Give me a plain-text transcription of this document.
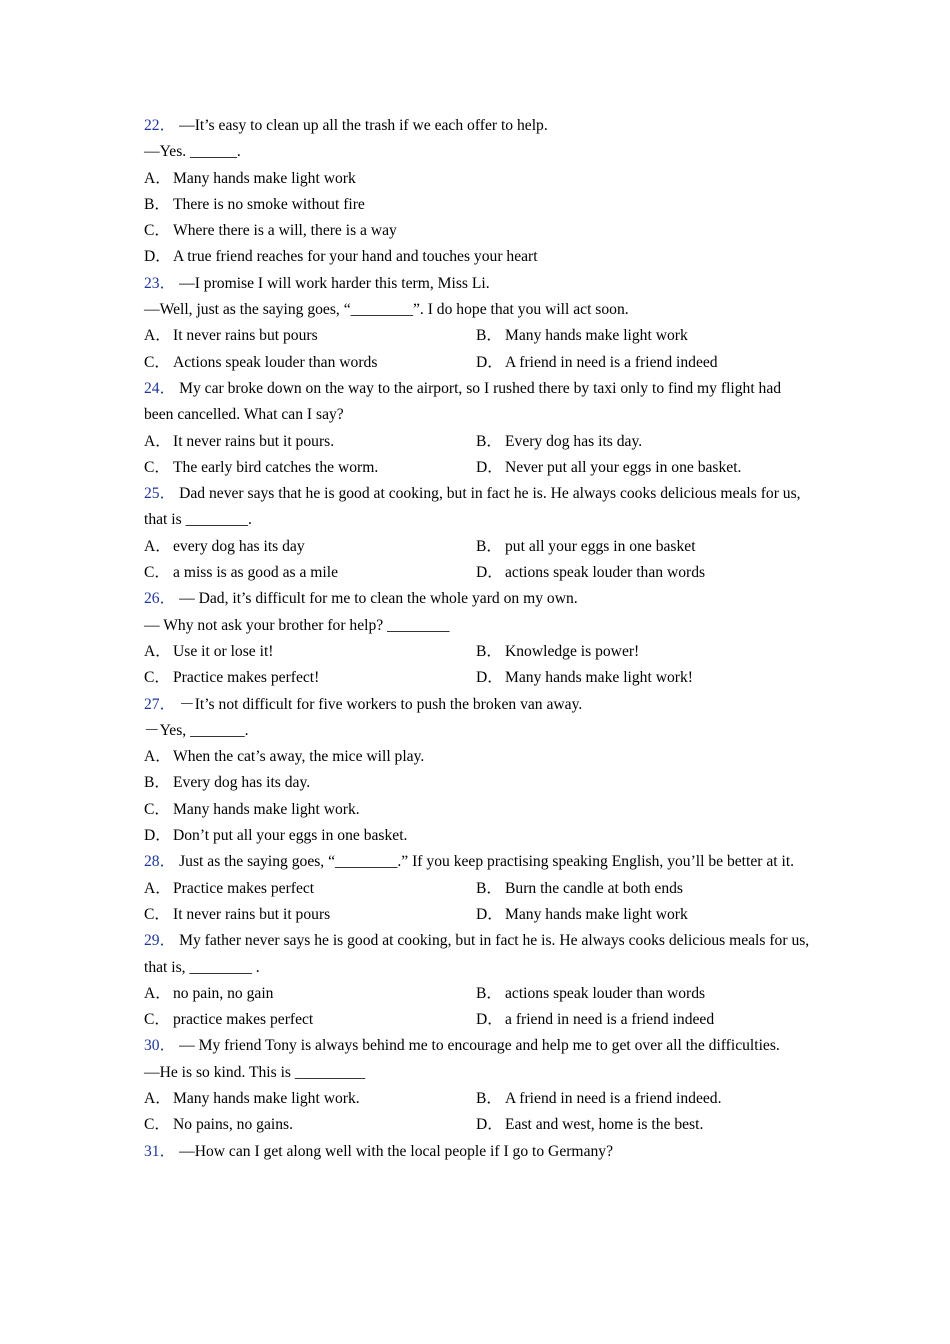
22． —It’s easy to clean up all the trash if we each offer to help.
—Yes. ______.
A． Many hands make light work
B． There is no smoke without fire
C． Where there is a will, there is a way
D． A true friend reaches for your hand and touches your heart
23． —I promise I will work harder this term, Miss Li.
—Well, just as the saying goes, “________”. I do hope that you will act soon.
A． It never rains but pours	B． Many hands make light work
C． Actions speak louder than words	D． A friend in need is a friend indeed
24． My car broke down on the way to the airport, so I rushed there by taxi only to find my flight had been cancelled. What can I say?
A． It never rains but it pours.	B． Every dog has its day.
C． The early bird catches the worm.	D． Never put all your eggs in one basket.
25． Dad never says that he is good at cooking, but in fact he is. He always cooks delicious meals for us, that is ________.
A． every dog has its day	B． put all your eggs in one basket
C． a miss is as good as a mile	D． actions speak louder than words
26． — Dad, it’s difficult for me to clean the whole yard on my own.
— Why not ask your brother for help? ________
A． Use it or lose it!	B． Knowledge is power!
C． Practice makes perfect!	D． Many hands make light work!
27． －It’s not difficult for five workers to push the broken van away.
－Yes, _______.
A． When the cat’s away, the mice will play.
B． Every dog has its day.
C． Many hands make light work.
D． Don’t put all your eggs in one basket.
28． Just as the saying goes, “________.” If you keep practising speaking English, you’ll be better at it.
A． Practice makes perfect	B． Burn the candle at both ends
C． It never rains but it pours	D． Many hands make light work
29． My father never says he is good at cooking, but in fact he is. He always cooks delicious meals for us, that is, ________ .
A． no pain, no gain	B． actions speak louder than words
C． practice makes perfect	D． a friend in need is a friend indeed
30． — My friend Tony is always behind me to encourage and help me to get over all the difficulties.
—He is so kind. This is _________
A． Many hands make light work.	B． A friend in need is a friend indeed.
C． No pains, no gains.	D． East and west, home is the best.
31． —How can I get along well with the local people if I go to Germany?
